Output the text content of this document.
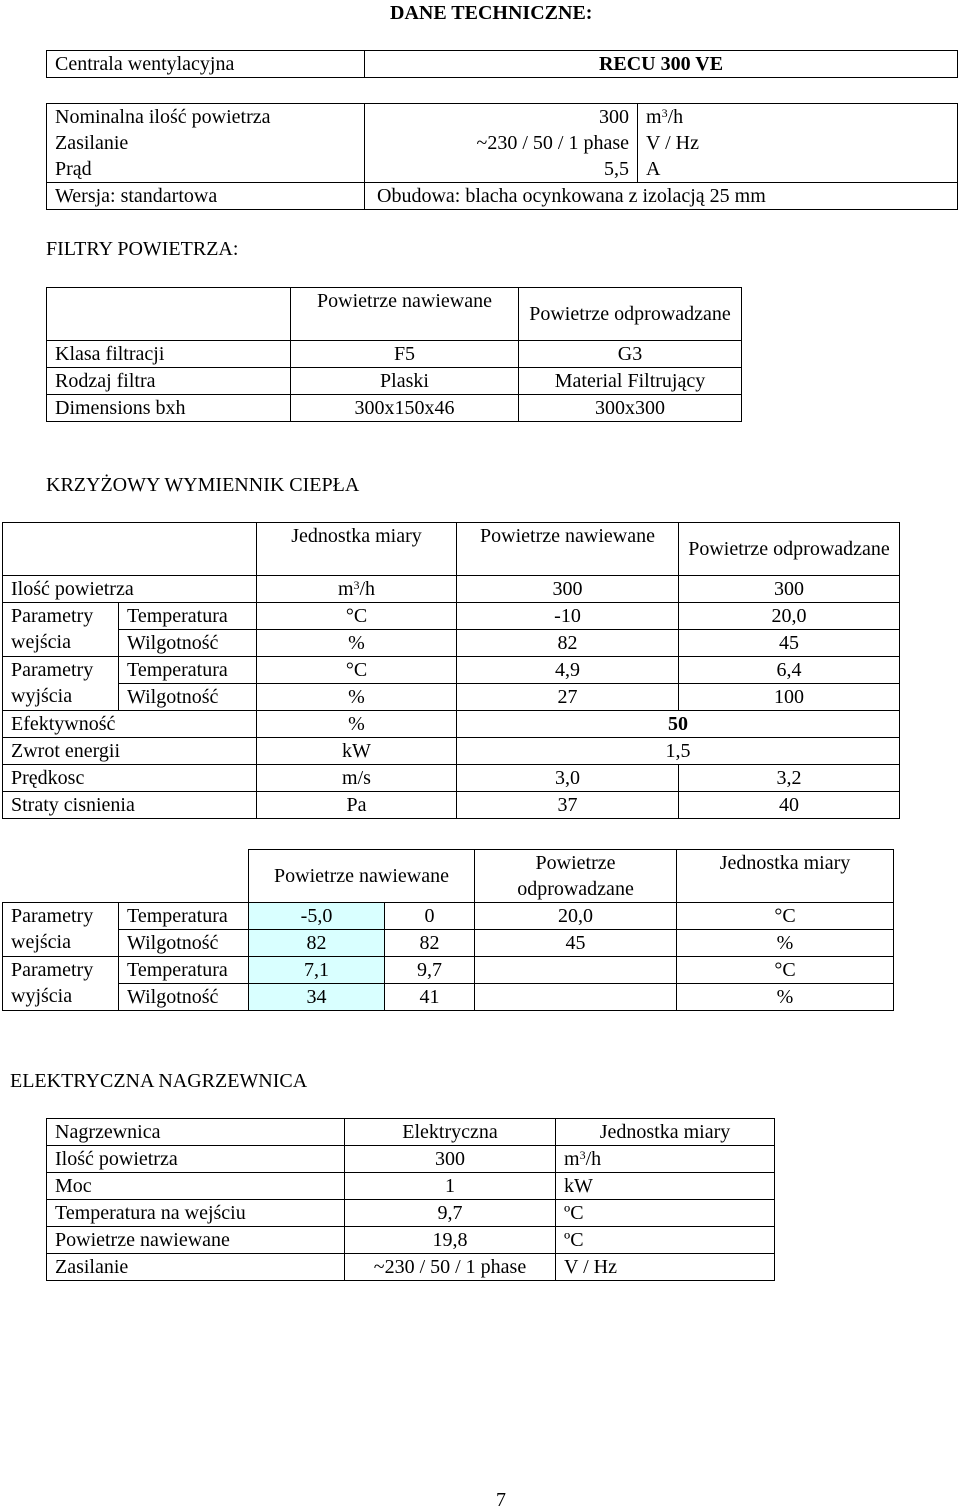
DANE TECHNICZNE:
Centrala wentylacyjna	RECU 300 VE
Nominalna ilość powietrza	300	$m^3/h$
Zasilanie	~230 / 50 / 1 phase	V / Hz
Prąd	5,5	A
Wersja: standartowa	Obudowa: blacha ocynkowana z izolacją 25 mm	
FILTRY POWIETRZA:
	Powietrze nawiewane	Powietrze odprowadzane
Klasa filtracji	F5	G3
Rodzaj filtra	Plaski	Material Filtrujący
Dimensions bxh	300x150x46	300x300
KRZYŻOWY WYMIENNIK CIEPŁA
		Jednostka miary	Powietrze nawiewane	Powietrze odprowadzane
Ilość powietrza		$m^3/h$	300	300
Parametry wejścia	Temperatura	°C	-10	20,0
	Wilgotność	%	82	45
Parametry wyjścia	Temperatura	°C	4,9	6,4
	Wilgotność	%	27	100
Efektywność		%	50	
Zwrot energii		kW	1,5	
Prędkosc		m/s	3,0	3,2
Straty cisnienia		Pa	37	40
		Powietrze nawiewane		Powietrze odprowadzane	Jednostka miary
Parametry wejścia	Temperatura	-5,0	0	20,0	°C
	Wilgotność	82	82	45	%
Parametry wyjścia	Temperatura	7,1	9,7		°C
	Wilgotność	34	41		%
ELEKTRYCZNA NAGRZEWNICA
Nagrzewnica	Elektryczna	Jednostka miary
Ilość powietrza	300	$m^3/h$
Moc	1	kW
Temperatura na wejściu	9,7	ºC
Powietrze nawiewane	19,8	ºC
Zasilanie	~230 / 50 / 1 phase	V / Hz
7
